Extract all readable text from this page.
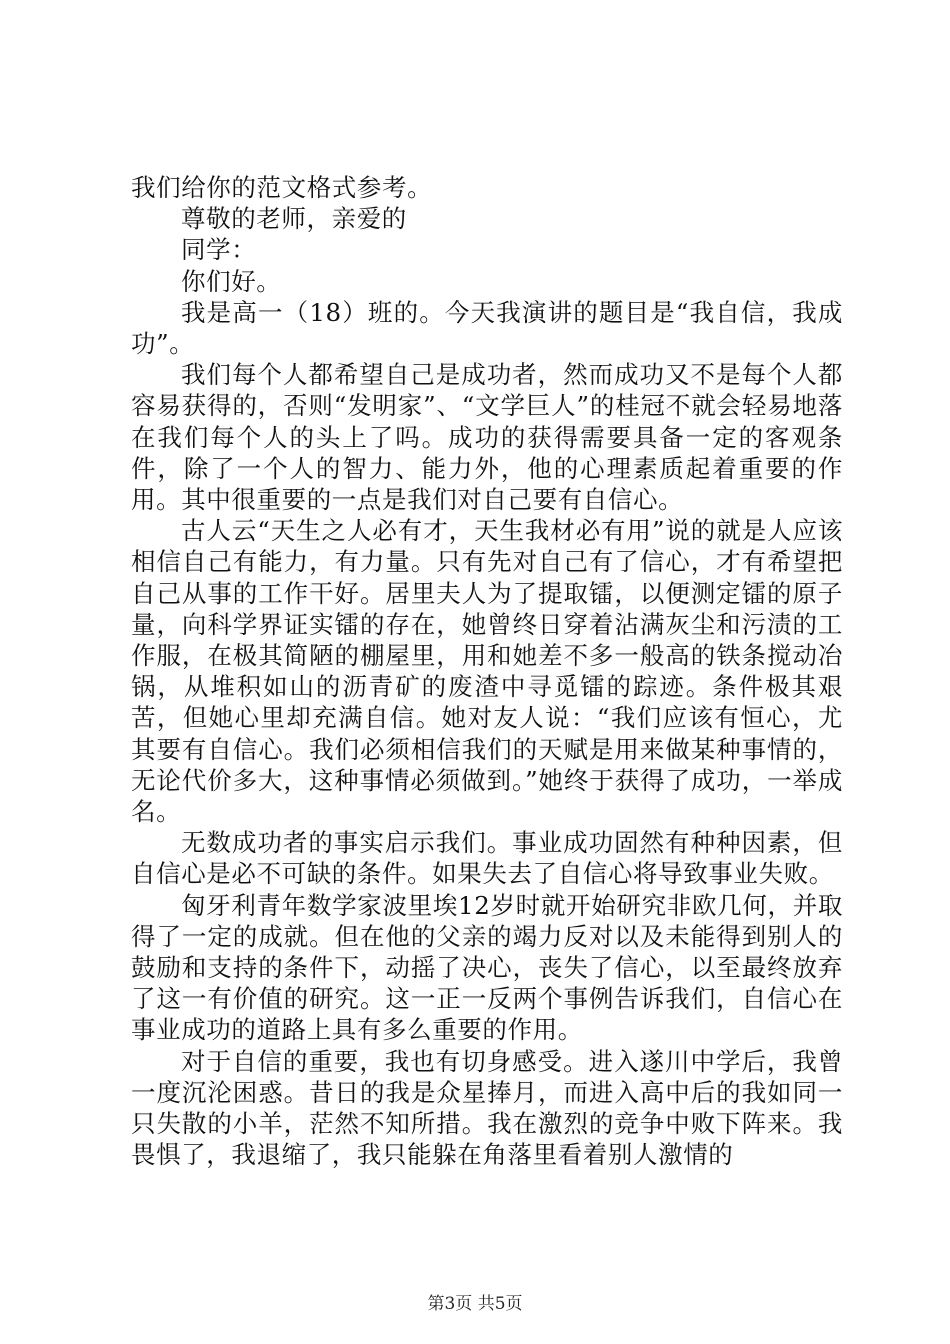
我们给你的范文格式参考。

尊敬的老师，亲爱的

同学：

你们好。

我是高一（18）班的。今天我演讲的题目是“我自信，我成功”。

我们每个人都希望自己是成功者，然而成功又不是每个人都容易获得的，否则“发明家”、“文学巨人”的桂冠不就会轻易地落在我们每个人的头上了吗。成功的获得需要具备一定的客观条件，除了一个人的智力、能力外，他的心理素质起着重要的作用。其中很重要的一点是我们对自己要有自信心。

古人云“天生之人必有才，天生我材必有用”说的就是人应该相信自己有能力，有力量。只有先对自己有了信心，才有希望把自己从事的工作干好。居里夫人为了提取镭，以便测定镭的原子量，向科学界证实镭的存在，她曾终日穿着沾满灰尘和污渍的工作服，在极其简陋的棚屋里，用和她差不多一般高的铁条搅动冶锅，从堆积如山的沥青矿的废渣中寻觅镭的踪迹。条件极其艰苦，但她心里却充满自信。她对友人说：“我们应该有恒心，尤其要有自信心。我们必须相信我们的天赋是用来做某种事情的，无论代价多大，这种事情必须做到。”她终于获得了成功，一举成名。

无数成功者的事实启示我们。事业成功固然有种种因素，但自信心是必不可缺的条件。如果失去了自信心将导致事业失败。

匈牙利青年数学家波里埃12岁时就开始研究非欧几何，并取得了一定的成就。但在他的父亲的竭力反对以及未能得到别人的鼓励和支持的条件下，动摇了决心，丧失了信心，以至最终放弃了这一有价值的研究。这一正一反两个事例告诉我们，自信心在事业成功的道路上具有多么重要的作用。

对于自信的重要，我也有切身感受。进入遂川中学后，我曾一度沉沦困惑。昔日的我是众星捧月，而进入高中后的我如同一只失散的小羊，茫然不知所措。我在激烈的竞争中败下阵来。我畏惧了，我退缩了，我只能躲在角落里看着别人激情的

第3页 共5页
